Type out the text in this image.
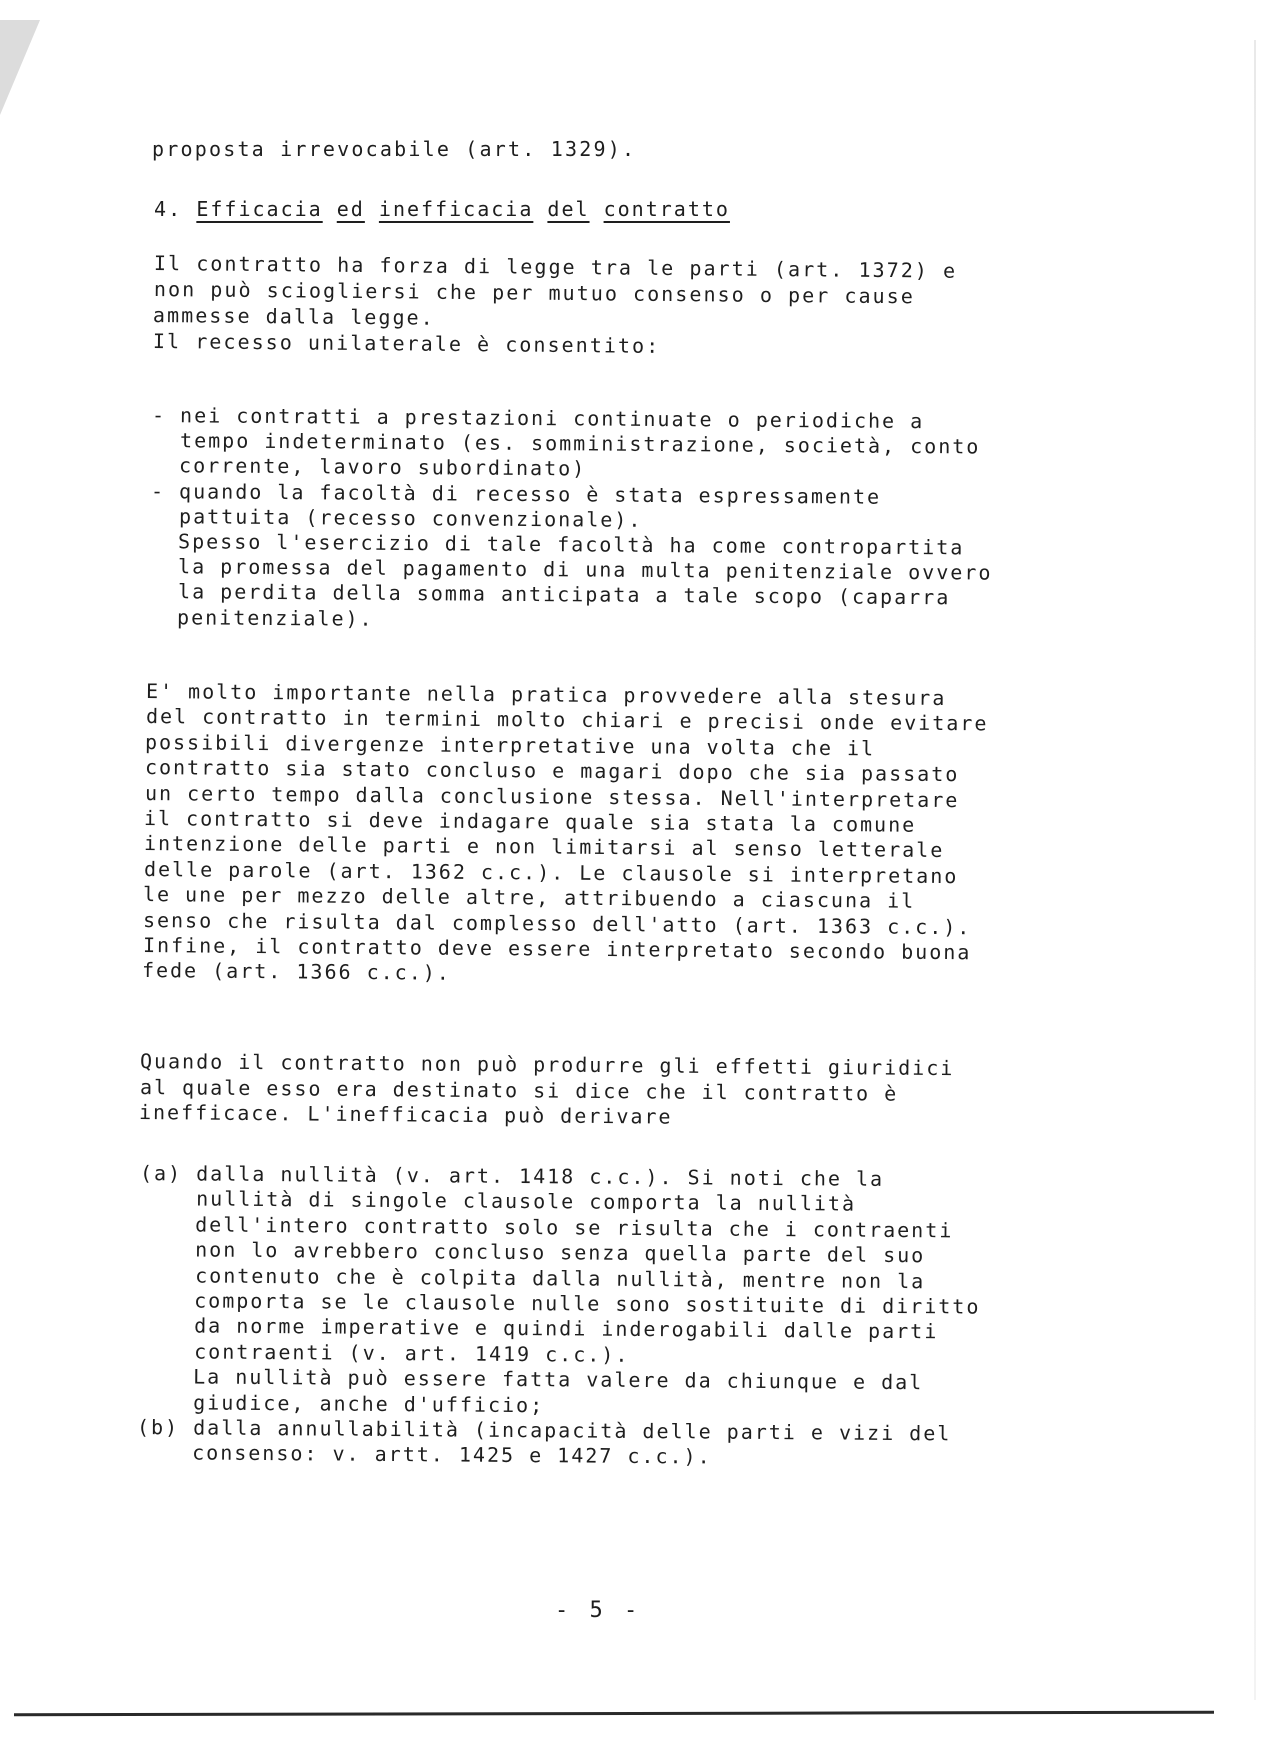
proposta irrevocabile (art. 1329).
4. Efficacia ed inefficacia del contratto
Il contratto ha forza di legge tra le parti (art. 1372) e
non può sciogliersi che per mutuo consenso o per cause
ammesse dalla legge.
Il recesso unilaterale è consentito:
- nei contratti a prestazioni continuate o periodiche a
tempo indeterminato (es. somministrazione, società, conto
corrente, lavoro subordinato)
- quando la facoltà di recesso è stata espressamente
pattuita (recesso convenzionale).
Spesso l'esercizio di tale facoltà ha come contropartita
la promessa del pagamento di una multa penitenziale ovvero
la perdita della somma anticipata a tale scopo (caparra
penitenziale).
E' molto importante nella pratica provvedere alla stesura
del contratto in termini molto chiari e precisi onde evitare
possibili divergenze interpretative una volta che il
contratto sia stato concluso e magari dopo che sia passato
un certo tempo dalla conclusione stessa. Nell'interpretare
il contratto si deve indagare quale sia stata la comune
intenzione delle parti e non limitarsi al senso letterale
delle parole (art. 1362 c.c.). Le clausole si interpretano
le une per mezzo delle altre, attribuendo a ciascuna il
senso che risulta dal complesso dell'atto (art. 1363 c.c.).
Infine, il contratto deve essere interpretato secondo buona
fede (art. 1366 c.c.).
Quando il contratto non può produrre gli effetti giuridici
al quale esso era destinato si dice che il contratto è
inefficace. L'inefficacia può derivare
(a) dalla nullità (v. art. 1418 c.c.). Si noti che la
nullità di singole clausole comporta la nullità
dell'intero contratto solo se risulta che i contraenti
non lo avrebbero concluso senza quella parte del suo
contenuto che è colpita dalla nullità, mentre non la
comporta se le clausole nulle sono sostituite di diritto
da norme imperative e quindi inderogabili dalle parti
contraenti (v. art. 1419 c.c.).
La nullità può essere fatta valere da chiunque e dal
giudice, anche d'ufficio;
(b) dalla annullabilità (incapacità delle parti e vizi del
consenso: v. artt. 1425 e 1427 c.c.).
- 5 -
